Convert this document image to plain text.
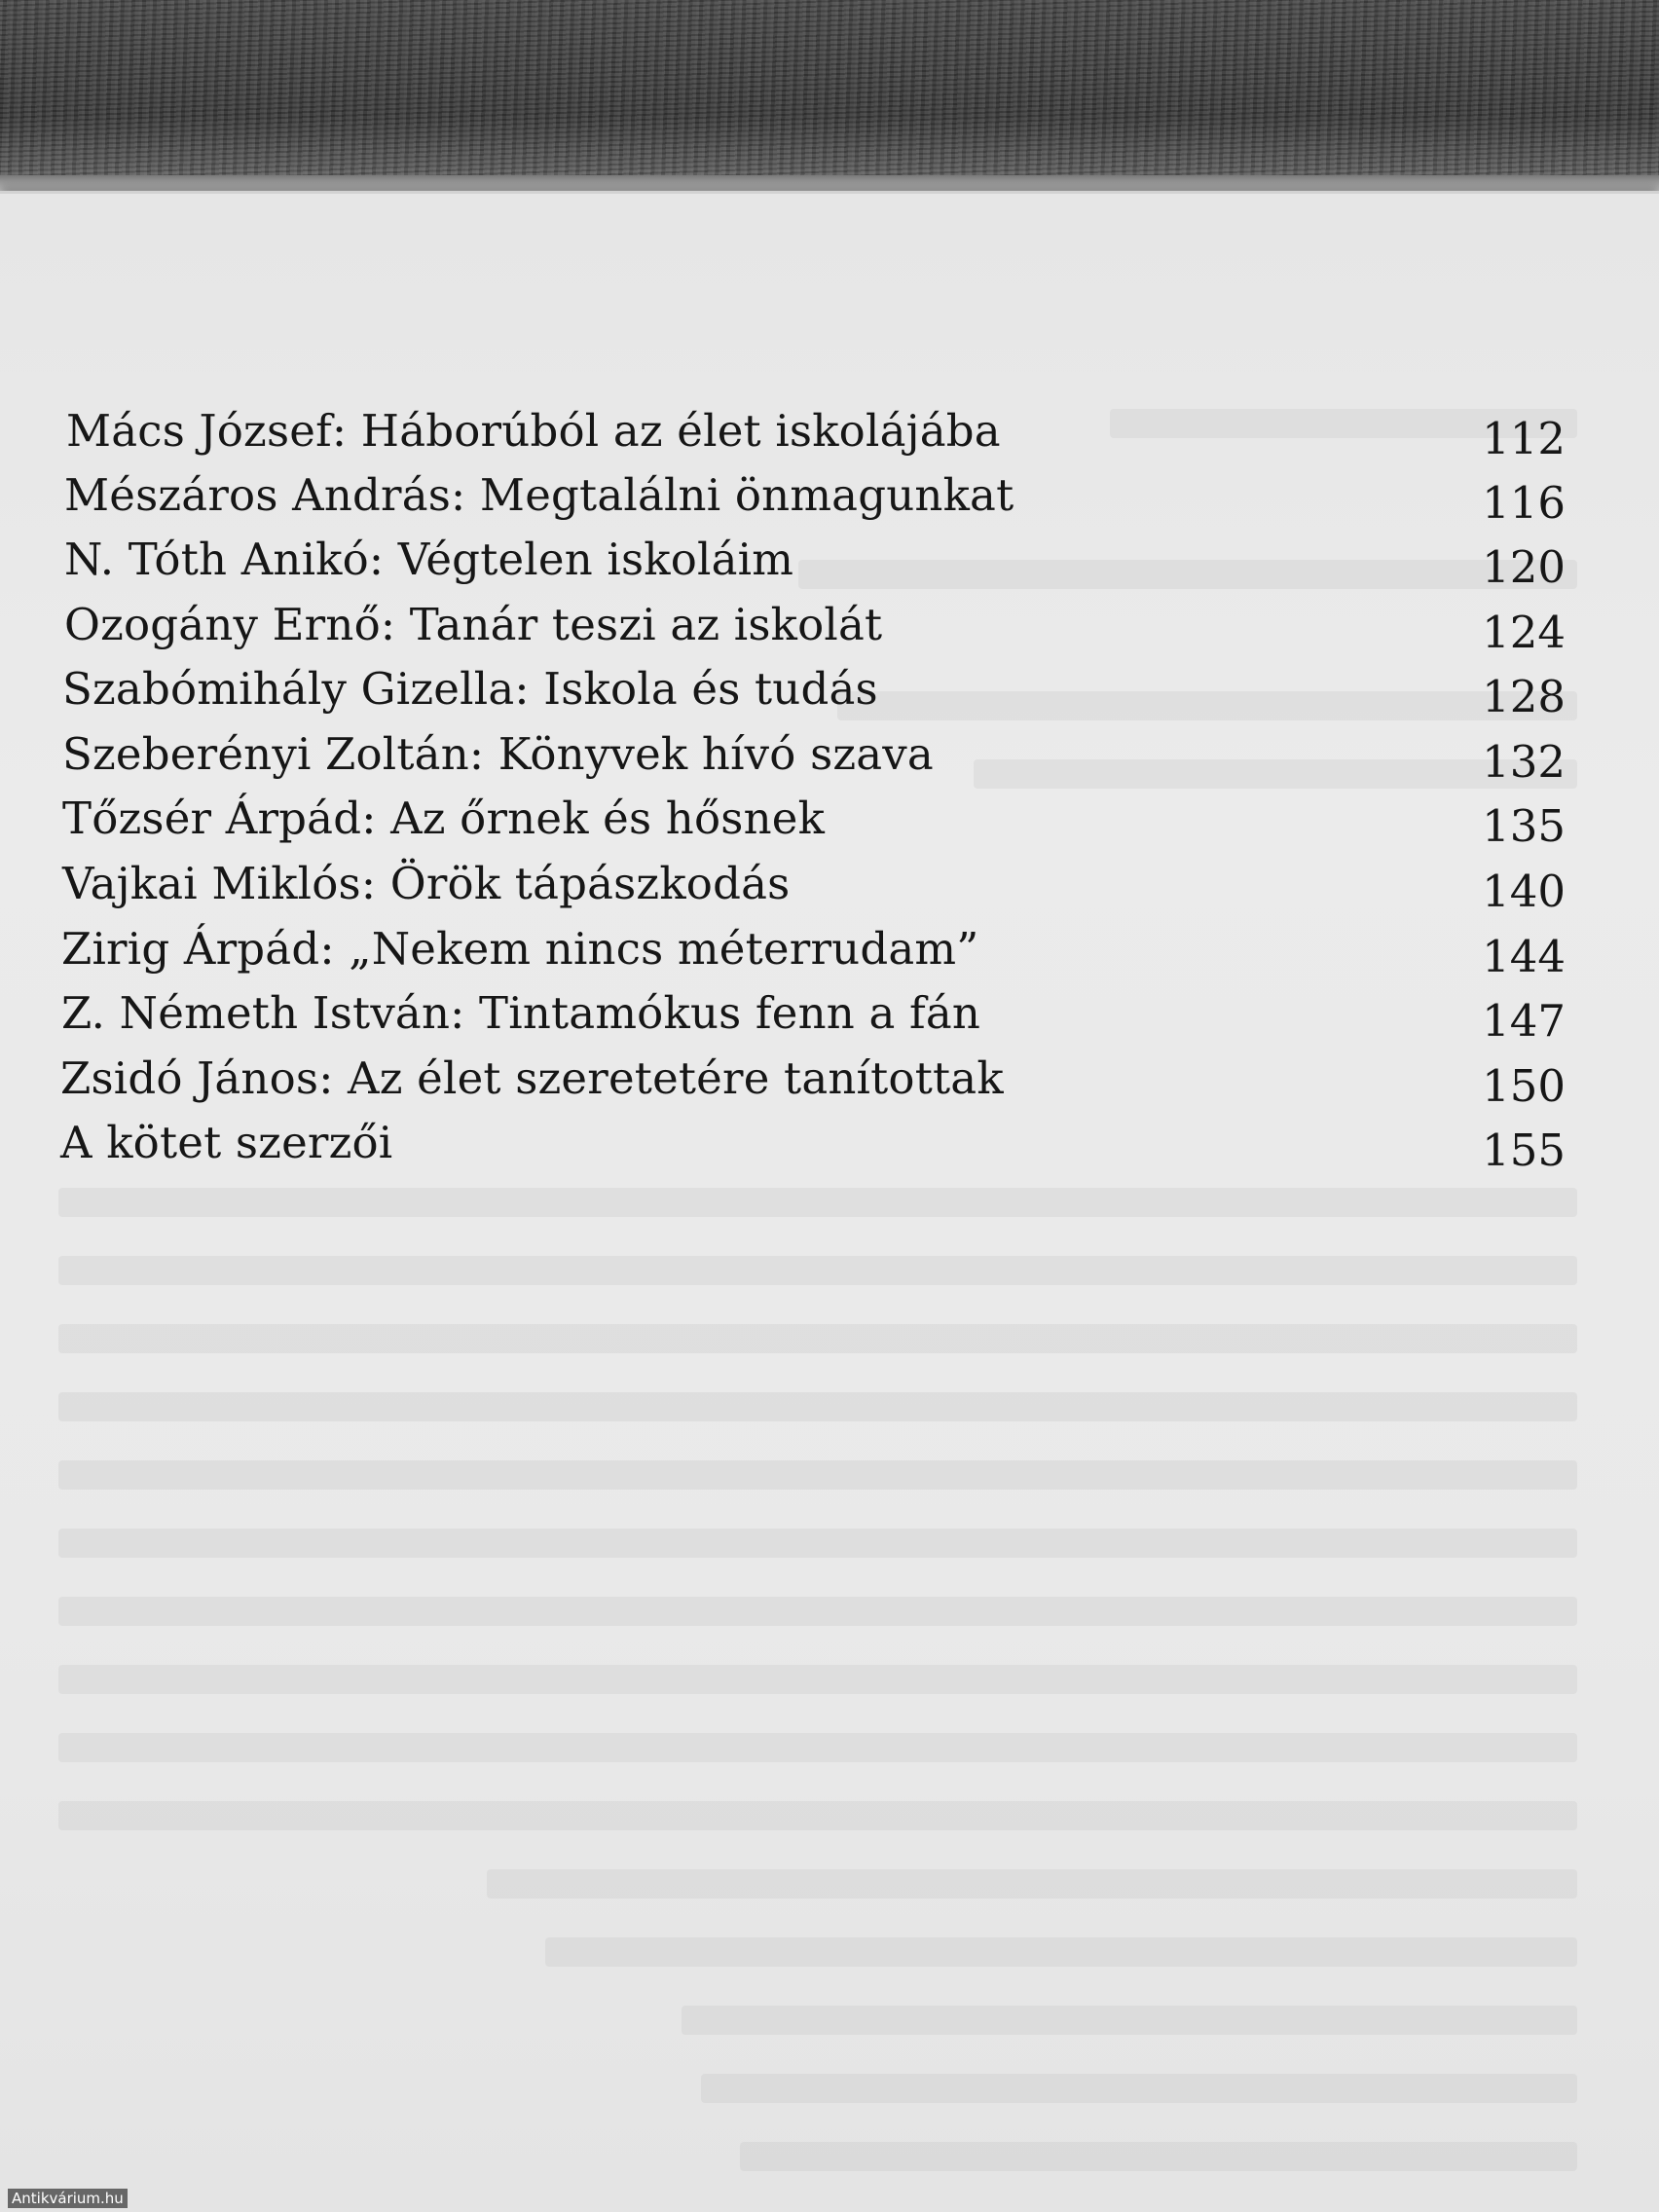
Mács József: Háborúból az élet iskolájába	112
Mészáros András: Megtalálni önmagunkat	116
N. Tóth Anikó: Végtelen iskoláim	120
Ozogány Ernő: Tanár teszi az iskolát	124
Szabómihály Gizella: Iskola és tudás	128
Szeberényi Zoltán: Könyvek hívó szava	132
Tőzsér Árpád: Az őrnek és hősnek	135
Vajkai Miklós: Örök tápászkodás	140
Zirig Árpád: „Nekem nincs méterrudam”	144
Z. Németh István: Tintamókus fenn a fán	147
Zsidó János: Az élet szeretetére tanítottak	150
A kötet szerzői	155
Antikvárium.hu
